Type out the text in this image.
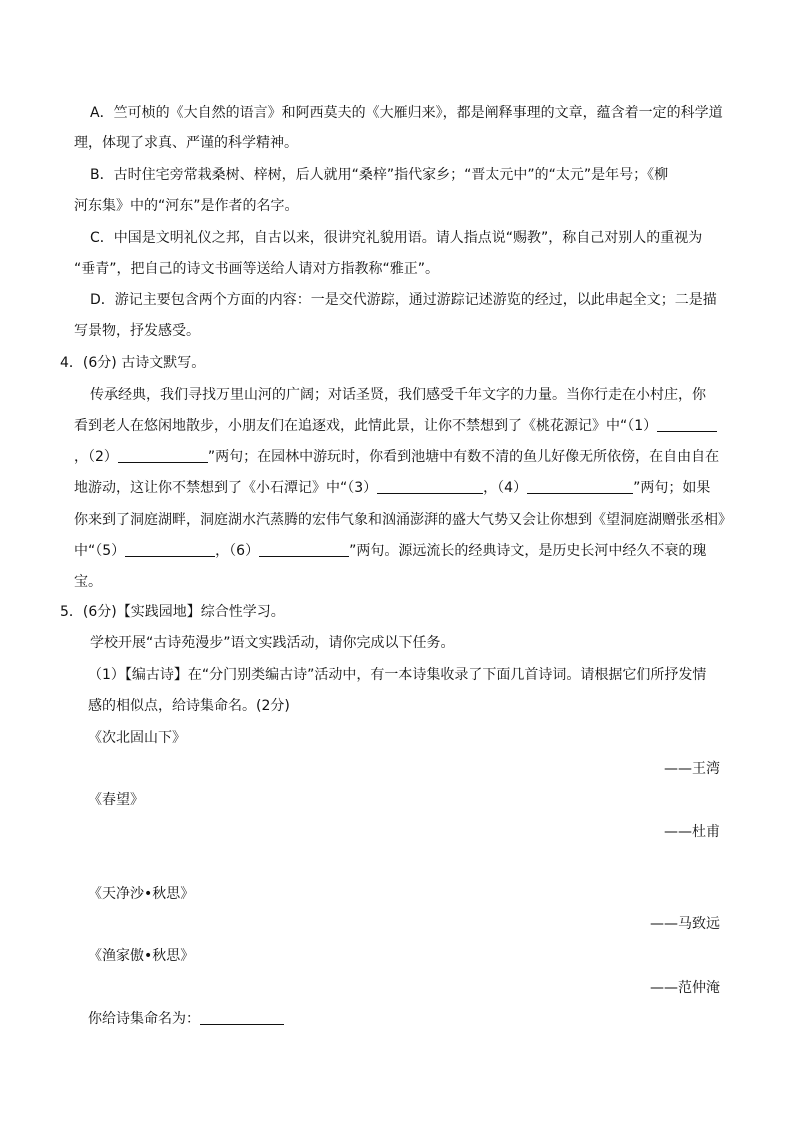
A．竺可桢的《大自然的语言》和阿西莫夫的《大雁归来》，都是阐释事理的文章，蕴含着一定的科学道
理，体现了求真、严谨的科学精神。
B．古时住宅旁常栽桑树、梓树，后人就用“桑梓”指代家乡；“晋太元中”的“太元”是年号；《柳
河东集》中的“河东”是作者的名字。
C．中国是文明礼仪之邦，自古以来，很讲究礼貌用语。请人指点说“赐教”，称自己对别人的重视为
“垂青”，把自己的诗文书画等送给人请对方指教称“雅正”。
D．游记主要包含两个方面的内容：一是交代游踪，通过游踪记述游览的经过，以此串起全文；二是描
写景物，抒发感受。
4．(6分) 古诗文默写。
传承经典，我们寻找万里山河的广阔；对话圣贤，我们感受千年文字的力量。当你行走在小村庄，你
看到老人在悠闲地散步，小朋友们在追逐戏，此情此景，让你不禁想到了《桃花源记》中“（1）
，（2）	”两句；在园林中游玩时，你看到池塘中有数不清的鱼儿好像无所依傍，在自由自在
地游动，这让你不禁想到了《小石潭记》中“（3）	，（4）	”两句；如果
你来到了洞庭湖畔，洞庭湖水汽蒸腾的宏伟气象和汹涌澎湃的盛大气势又会让你想到《望洞庭湖赠张丞相》
中“（5）	，（6）	”两句。源远流长的经典诗文，是历史长河中经久不衰的瑰
宝。
5．(6分)【实践园地】综合性学习。
学校开展“古诗苑漫步”语文实践活动，请你完成以下任务。
（1）【编古诗】在“分门别类编古诗”活动中，有一本诗集收录了下面几首诗词。请根据它们所抒发情
感的相似点，给诗集命名。(2分)
《次北固山下》
——王湾
《春望》
——杜甫
《天净沙•秋思》
——马致远
《渔家傲•秋思》
——范仲淹
你给诗集命名为：
